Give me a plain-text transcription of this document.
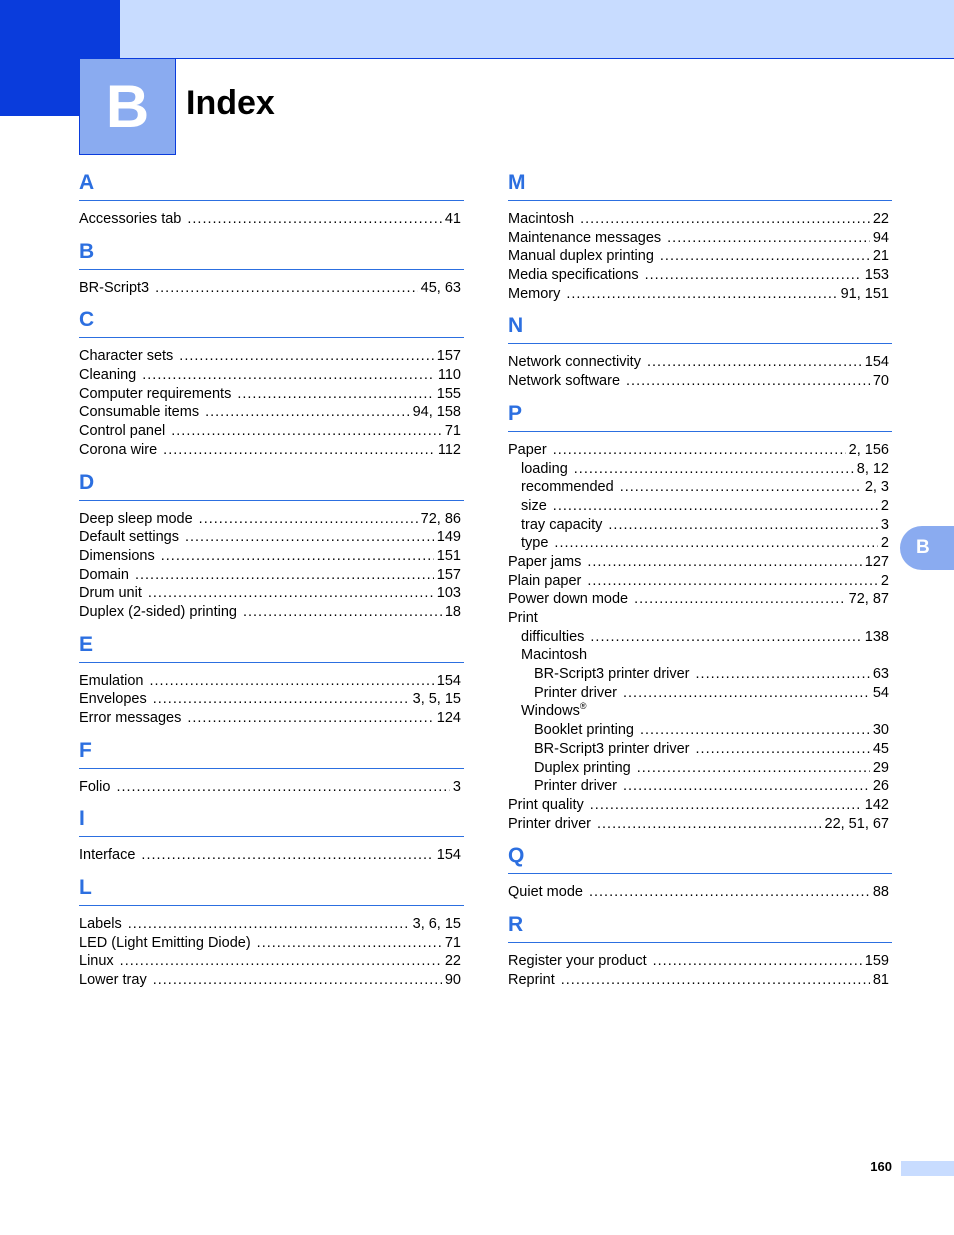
B Index
A
Accessories tab .....	41
B
BR-Script3 .....	45, 63
C
Character sets .....	157
Cleaning .....	110
Computer requirements .....	155
Consumable items .....	94, 158
Control panel .....	71
Corona wire .....	112
D
Deep sleep mode .....	72, 86
Default settings .....	149
Dimensions .....	151
Domain .....	157
Drum unit .....	103
Duplex (2-sided) printing .....	18
E
Emulation .....	154
Envelopes .....	3, 5, 15
Error messages .....	124
F
Folio .....	3
I
Interface .....	154
L
Labels .....	3, 6, 15
LED (Light Emitting Diode) .....	71
Linux .....	22
Lower tray .....	90
M
Macintosh .....	22
Maintenance messages .....	94
Manual duplex printing .....	21
Media specifications .....	153
Memory .....	91, 151
N
Network connectivity .....	154
Network software .....	70
P
Paper .....	2, 156
loading .....	8, 12
recommended .....	2, 3
size .....	2
tray capacity .....	3
type .....	2
Paper jams .....	127
Plain paper .....	2
Power down mode .....	72, 87
Print
difficulties .....	138
Macintosh
BR-Script3 printer driver .....	63
Printer driver .....	54
Windows®
Booklet printing .....	30
BR-Script3 printer driver .....	45
Duplex printing .....	29
Printer driver .....	26
Print quality .....	142
Printer driver .....	22, 51, 67
Q
Quiet mode .....	88
R
Register your product .....	159
Reprint .....	81
B
160
